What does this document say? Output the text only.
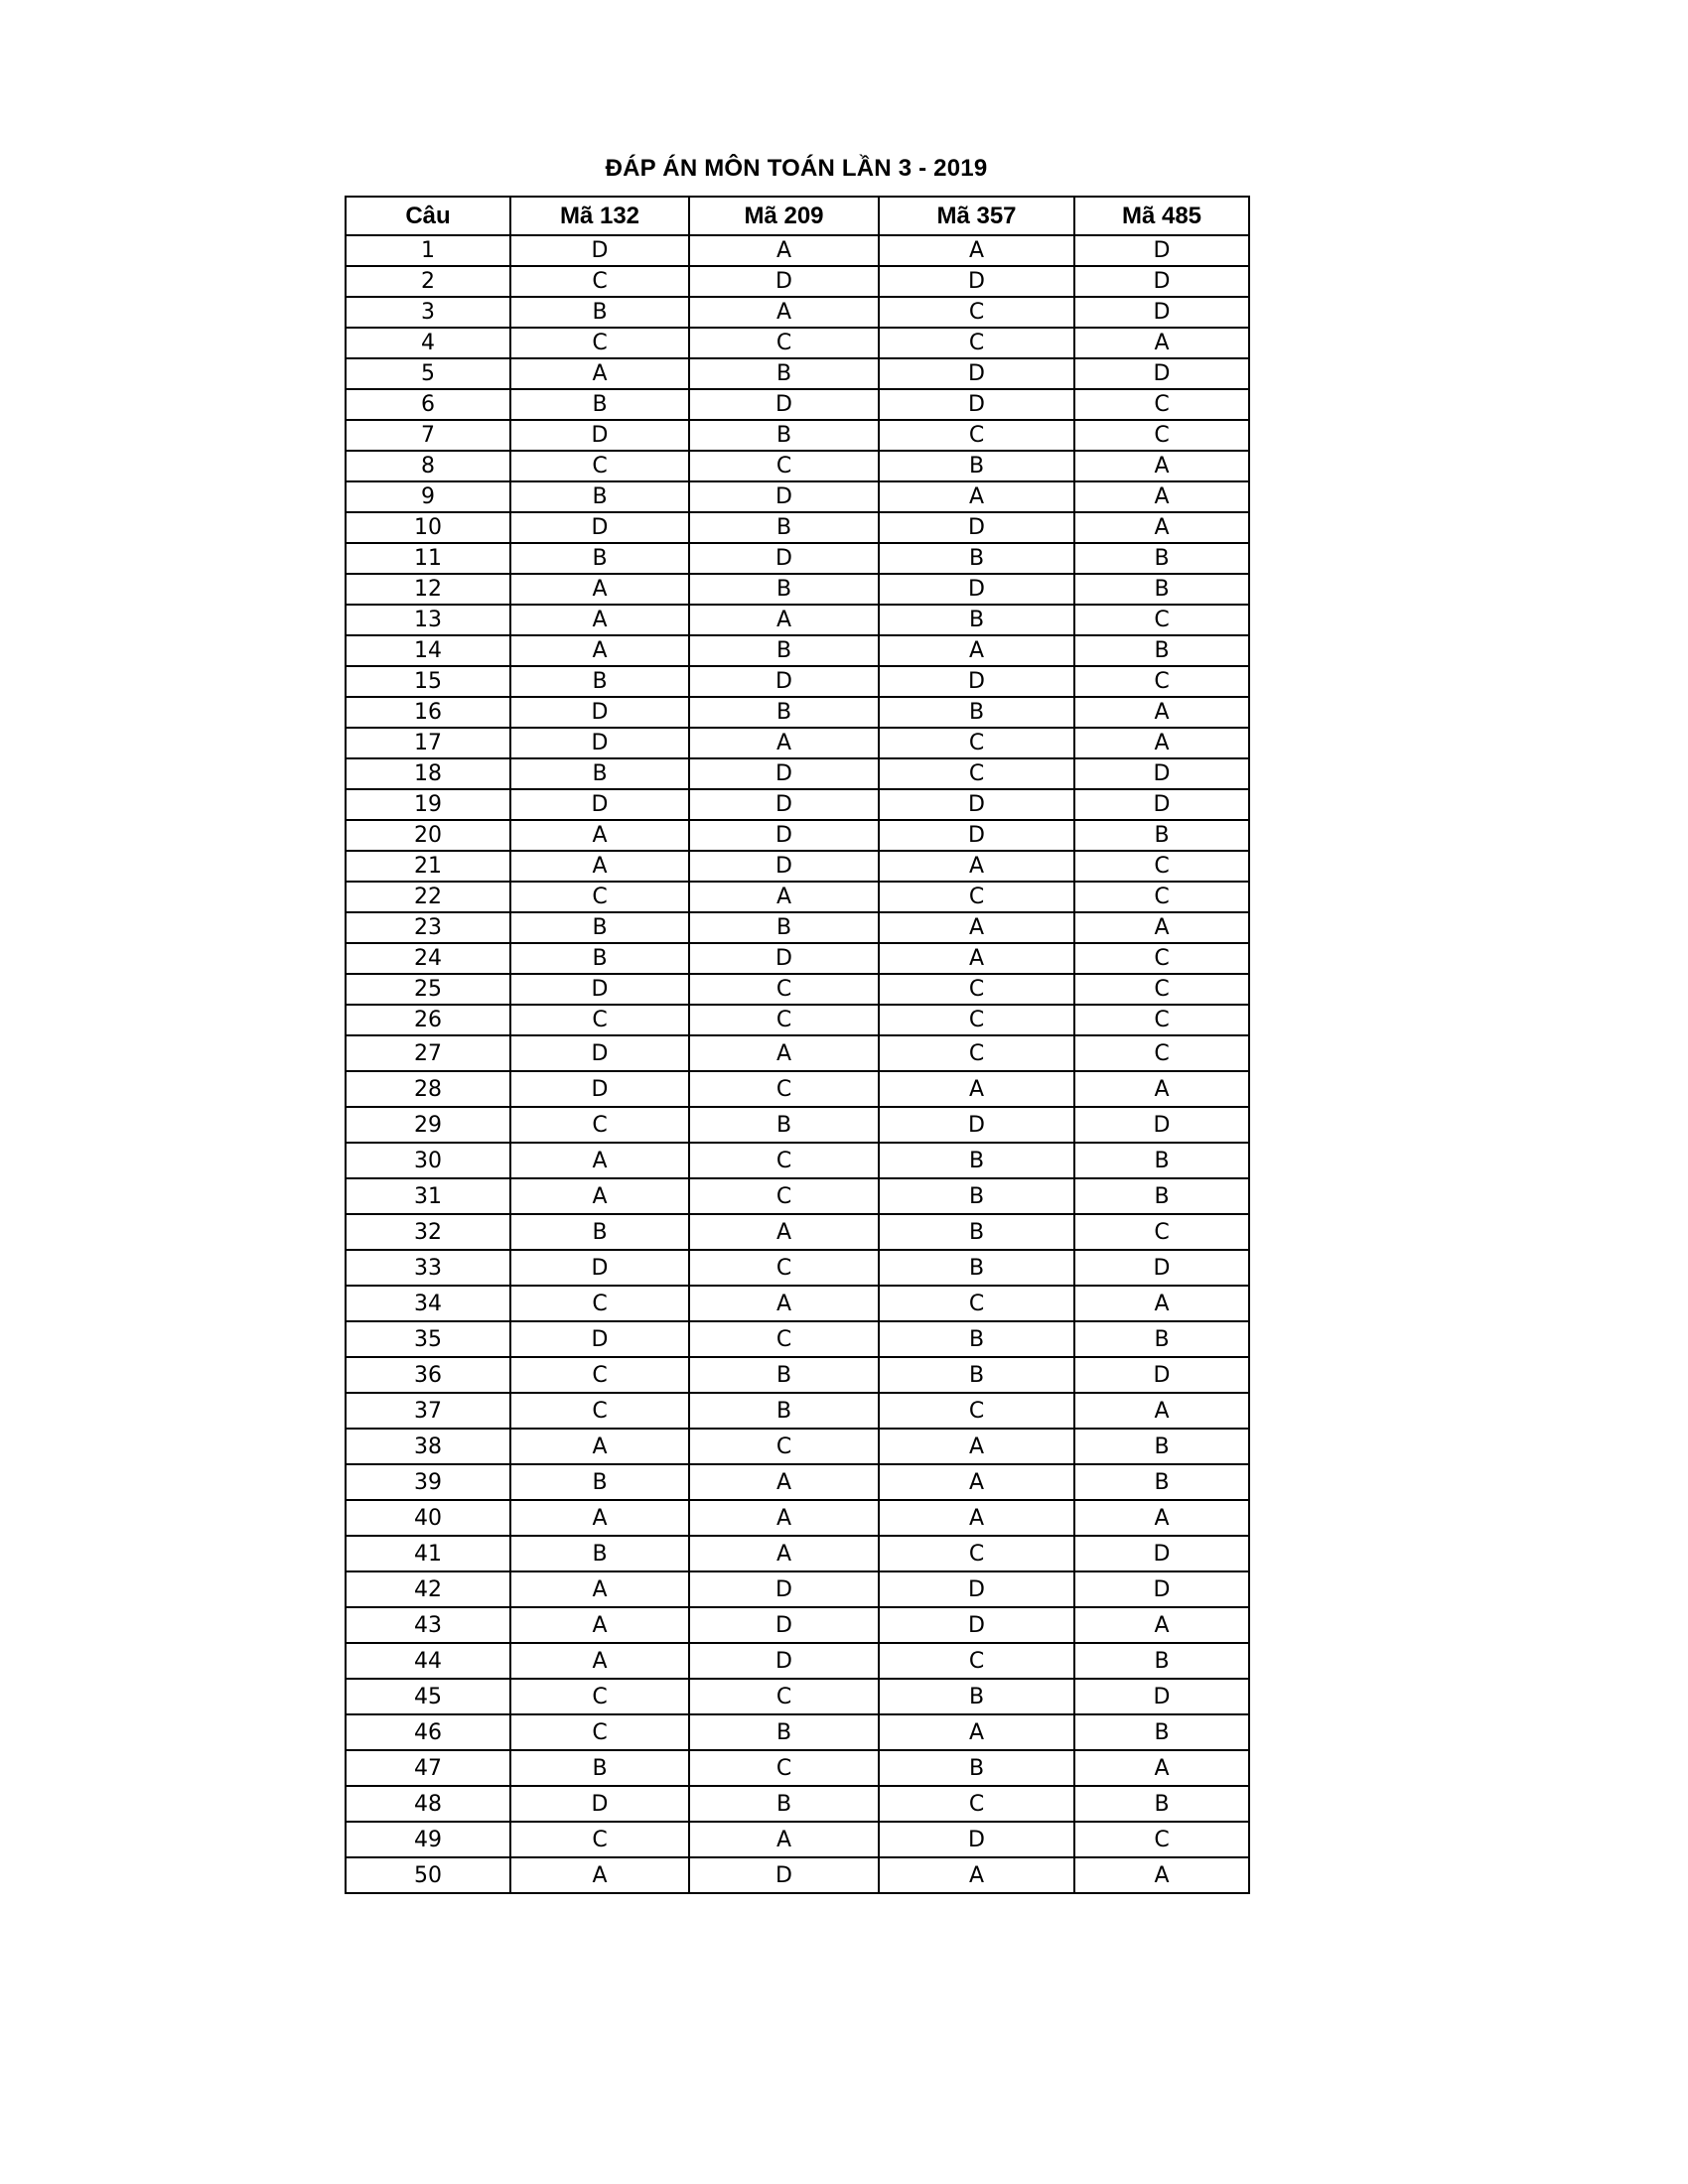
ĐÁP ÁN MÔN TOÁN LẦN 3 - 2019
Câu	Mã 132	Mã 209	Mã 357	Mã 485
1	D	A	A	D
2	C	D	D	D
3	B	A	C	D
4	C	C	C	A
5	A	B	D	D
6	B	D	D	C
7	D	B	C	C
8	C	C	B	A
9	B	D	A	A
10	D	B	D	A
11	B	D	B	B
12	A	B	D	B
13	A	A	B	C
14	A	B	A	B
15	B	D	D	C
16	D	B	B	A
17	D	A	C	A
18	B	D	C	D
19	D	D	D	D
20	A	D	D	B
21	A	D	A	C
22	C	A	C	C
23	B	B	A	A
24	B	D	A	C
25	D	C	C	C
26	C	C	C	C
27	D	A	C	C
28	D	C	A	A
29	C	B	D	D
30	A	C	B	B
31	A	C	B	B
32	B	A	B	C
33	D	C	B	D
34	C	A	C	A
35	D	C	B	B
36	C	B	B	D
37	C	B	C	A
38	A	C	A	B
39	B	A	A	B
40	A	A	A	A
41	B	A	C	D
42	A	D	D	D
43	A	D	D	A
44	A	D	C	B
45	C	C	B	D
46	C	B	A	B
47	B	C	B	A
48	D	B	C	B
49	C	A	D	C
50	A	D	A	A
